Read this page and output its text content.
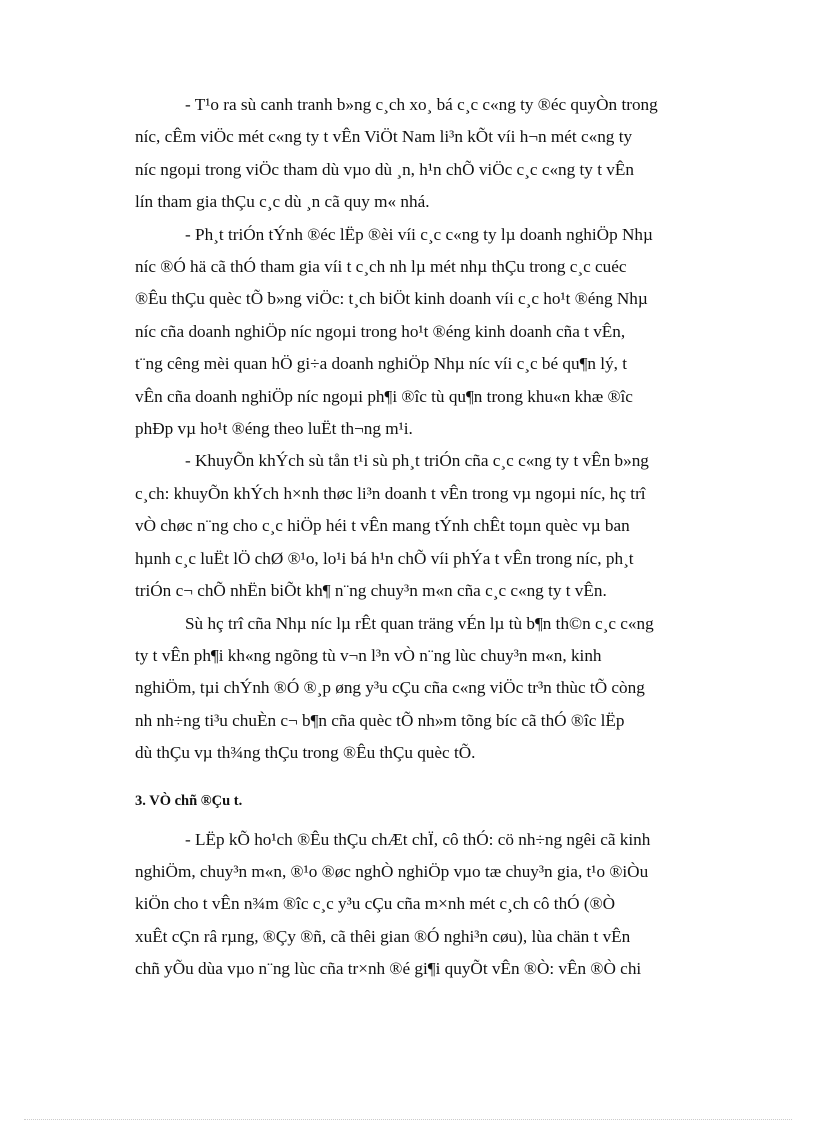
- T¹o ra sù canh tranh b»ng c¸ch xo¸ bá c¸c c«ng ty ®éc quyÒn trong
níc, cÊm viÖc mét c«ng ty t vÊn ViÖt Nam li³n kÕt víi h¬n mét c«ng ty
níc ngoµi trong viÖc tham dù vµo dù ¸n, h¹n chÕ viÖc c¸c c«ng ty t vÊn
lín tham gia thÇu c¸c dù ¸n cã quy m« nhá.
- Ph¸t triÓn tÝnh ®éc lËp ®èi víi c¸c c«ng ty lµ doanh nghiÖp Nhµ
níc ®Ó hä cã thÓ tham gia víi t c¸ch nh lµ mét nhµ thÇu trong c¸c cuéc
®Êu thÇu quèc tÕ b»ng viÖc: t¸ch biÖt kinh doanh víi c¸c ho¹t ®éng Nhµ
níc cña doanh nghiÖp níc ngoµi trong ho¹t ®éng kinh doanh cña t vÊn,
t¨ng cêng mèi quan hÖ gi÷a doanh nghiÖp Nhµ níc víi c¸c bé qu¶n lý, t
vÊn cña doanh nghiÖp níc ngoµi ph¶i ®îc tù qu¶n trong khu«n khæ ®îc
phÐp vµ ho¹t ®éng theo luËt th¬ng m¹i.
- KhuyÕn khÝch sù tån t¹i sù ph¸t triÓn cña c¸c c«ng ty t vÊn b»ng
c¸ch: khuyÕn khÝch h×nh thøc li³n doanh t vÊn trong vµ ngoµi níc, hç trî
vÒ chøc n¨ng cho c¸c hiÖp héi t vÊn mang tÝnh chÊt toµn quèc vµ ban
hµnh c¸c luËt lÖ chØ ®¹o, lo¹i bá h¹n chÕ víi phÝa t vÊn trong níc, ph¸t
triÓn c¬ chÕ nhËn biÕt kh¶ n¨ng chuy³n m«n cña c¸c c«ng ty t vÊn.
Sù hç trî cña Nhµ níc lµ rÊt quan träng vÉn lµ tù b¶n th©n c¸c c«ng
ty t vÊn ph¶i kh«ng ngõng tù v¬n l³n vÒ n¨ng lùc chuy³n m«n, kinh
nghiÖm, tµi chÝnh ®Ó ®¸p øng y³u cÇu cña c«ng viÖc tr³n thùc tÕ còng
nh nh÷ng ti³u chuÈn c¬ b¶n cña quèc tÕ nh»m tõng bíc cã thÓ ®îc lËp
dù thÇu vµ th¾ng thÇu trong ®Êu thÇu quèc tÕ.
3. VÒ chñ ®Çu t.
- LËp kÕ ho¹ch ®Êu thÇu chÆt chÏ, cô thÓ: cö nh÷ng ngêi cã kinh
nghiÖm, chuy³n m«n, ®¹o ®øc nghÒ nghiÖp vµo tæ chuy³n gia, t¹o ®iÒu
kiÖn cho t vÊn n¾m ®îc c¸c y³u cÇu cña m×nh mét c¸ch cô thÓ (®Ò
xuÊt cÇn râ rµng, ®Çy ®ñ, cã thêi gian ®Ó nghi³n cøu), lùa chän t vÊn
chñ yÕu dùa vµo n¨ng lùc cña tr×nh ®é gi¶i quyÕt vÊn ®Ò: vÊn ®Ò chi
